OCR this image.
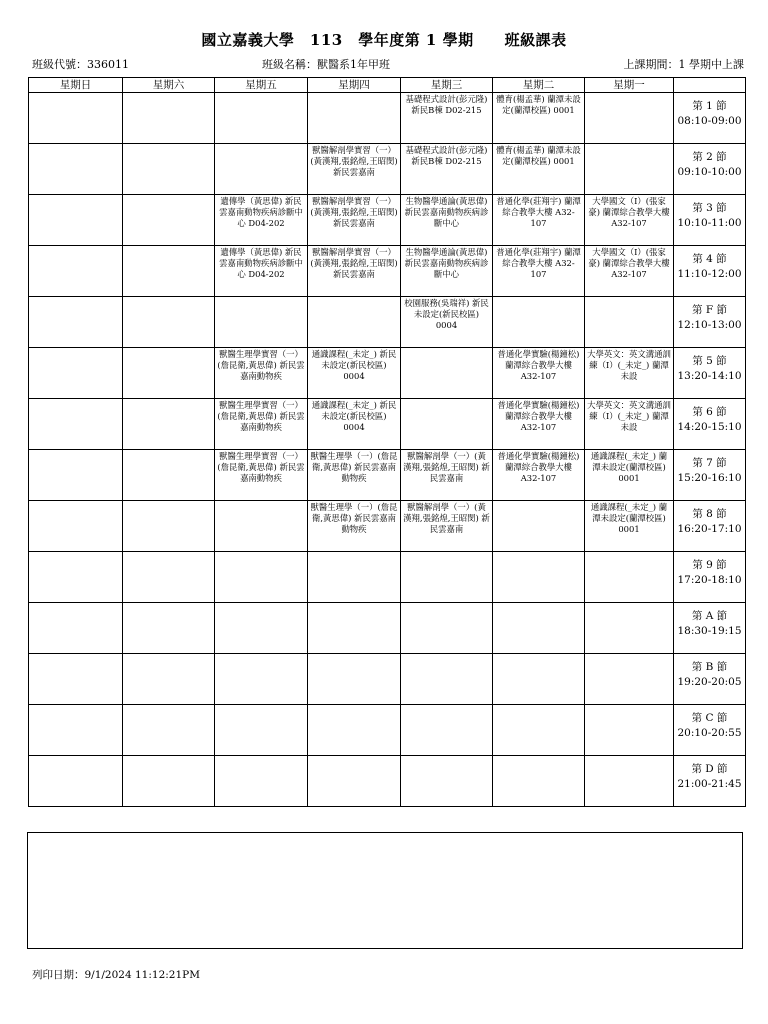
國立嘉義大學　113　學年度第 1 學期　　班級課表
班級代號：336011	班級名稱：獸醫系1年甲班	上課期間：1 學期中上課
星期日	星期六	星期五	星期四	星期三	星期二	星期一	
				基礎程式設計(彭元隆) 新民B棟 D02-215	體育(楊孟華) 蘭潭未設定(蘭潭校區) 0001		第 1 節
08:10-09:00
			獸醫解剖學實習（一）(黃漢翔,張銘煌,王昭閔) 新民雲嘉南	基礎程式設計(彭元隆) 新民B棟 D02-215	體育(楊孟華) 蘭潭未設定(蘭潭校區) 0001		第 2 節
09:10-10:00
		遺傳學（黃思偉) 新民雲嘉南動物疾病診斷中心 D04-202	獸醫解剖學實習（一）(黃漢翔,張銘煌,王昭閔) 新民雲嘉南	生物醫學通論(黃思偉) 新民雲嘉南動物疾病診斷中心	普通化學(莊翔宇) 蘭潭綜合教學大樓 A32-107	大學國文（I）(張家豪) 蘭潭綜合教學大樓 A32-107	第 3 節
10:10-11:00
		遺傳學（黃思偉) 新民雲嘉南動物疾病診斷中心 D04-202	獸醫解剖學實習（一）(黃漢翔,張銘煌,王昭閔) 新民雲嘉南	生物醫學通論(黃思偉) 新民雲嘉南動物疾病診斷中心	普通化學(莊翔宇) 蘭潭綜合教學大樓 A32-107	大學國文（I）(張家豪) 蘭潭綜合教學大樓 A32-107	第 4 節
11:10-12:00
				校園服務(吳瑞祥) 新民未設定(新民校區) 0004			第 F 節
12:10-13:00
		獸醫生理學實習（一）(詹昆衛,黃思偉) 新民雲嘉南動物疾	通識課程(_未定_) 新民未設定(新民校區) 0004		普通化學實驗(楊鐘松) 蘭潭綜合教學大樓 A32-107	大學英文：英文溝通訓練（I）(_未定_) 蘭潭未設	第 5 節
13:20-14:10
		獸醫生理學實習（一）(詹昆衛,黃思偉) 新民雲嘉南動物疾	通識課程(_未定_) 新民未設定(新民校區) 0004		普通化學實驗(楊鐘松) 蘭潭綜合教學大樓 A32-107	大學英文：英文溝通訓練（I）(_未定_) 蘭潭未設	第 6 節
14:20-15:10
		獸醫生理學實習（一）(詹昆衛,黃思偉) 新民雲嘉南動物疾	獸醫生理學（一）(詹昆衛,黃思偉) 新民雲嘉南動物疾	獸醫解剖學（一）(黃漢翔,張銘煌,王昭閔) 新民雲嘉南	普通化學實驗(楊鐘松) 蘭潭綜合教學大樓 A32-107	通識課程(_未定_) 蘭潭未設定(蘭潭校區) 0001	第 7 節
15:20-16:10
			獸醫生理學（一）(詹昆衛,黃思偉) 新民雲嘉南動物疾	獸醫解剖學（一）(黃漢翔,張銘煌,王昭閔) 新民雲嘉南		通識課程(_未定_) 蘭潭未設定(蘭潭校區) 0001	第 8 節
16:20-17:10
							第 9 節
17:20-18:10
							第 A 節
18:30-19:15
							第 B 節
19:20-20:05
							第 C 節
20:10-20:55
							第 D 節
21:00-21:45
列印日期：9/1/2024 11:12:21PM
